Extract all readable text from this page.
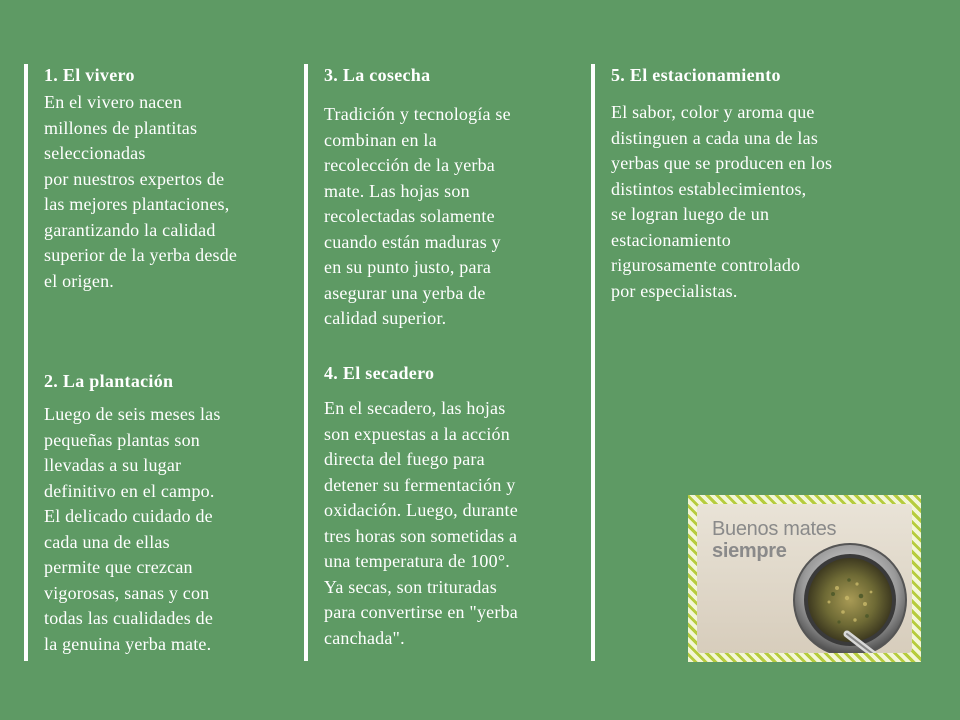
1. El vivero

En el vivero nacen
millones de plantitas
seleccionadas
por nuestros expertos de
las mejores plantaciones,
garantizando la calidad
superior de la yerba desde
el origen.

2. La plantación

Luego de seis meses las
pequeñas plantas son
llevadas a su lugar
definitivo en el campo.
El delicado cuidado de
cada una de ellas
permite que crezcan
vigorosas, sanas y con
todas las cualidades de
la genuina yerba mate.

3. La cosecha

Tradición y tecnología se
combinan en la
recolección de la yerba
mate. Las hojas son
recolectadas solamente
cuando están maduras y
en su punto justo, para
asegurar una yerba de
calidad superior.

4. El secadero

En el secadero, las hojas
son expuestas a la acción
directa del fuego para
detener su fermentación y
oxidación. Luego, durante
tres horas son sometidas a
una temperatura de 100°.
Ya secas, son trituradas
para convertirse en "yerba
canchada".

5. El estacionamiento

El sabor, color y aroma que
distinguen a cada una de las
yerbas que se producen en los
distintos establecimientos,
se logran luego de un
estacionamiento
rigurosamente controlado
por especialistas.

Buenos mates
siempre
